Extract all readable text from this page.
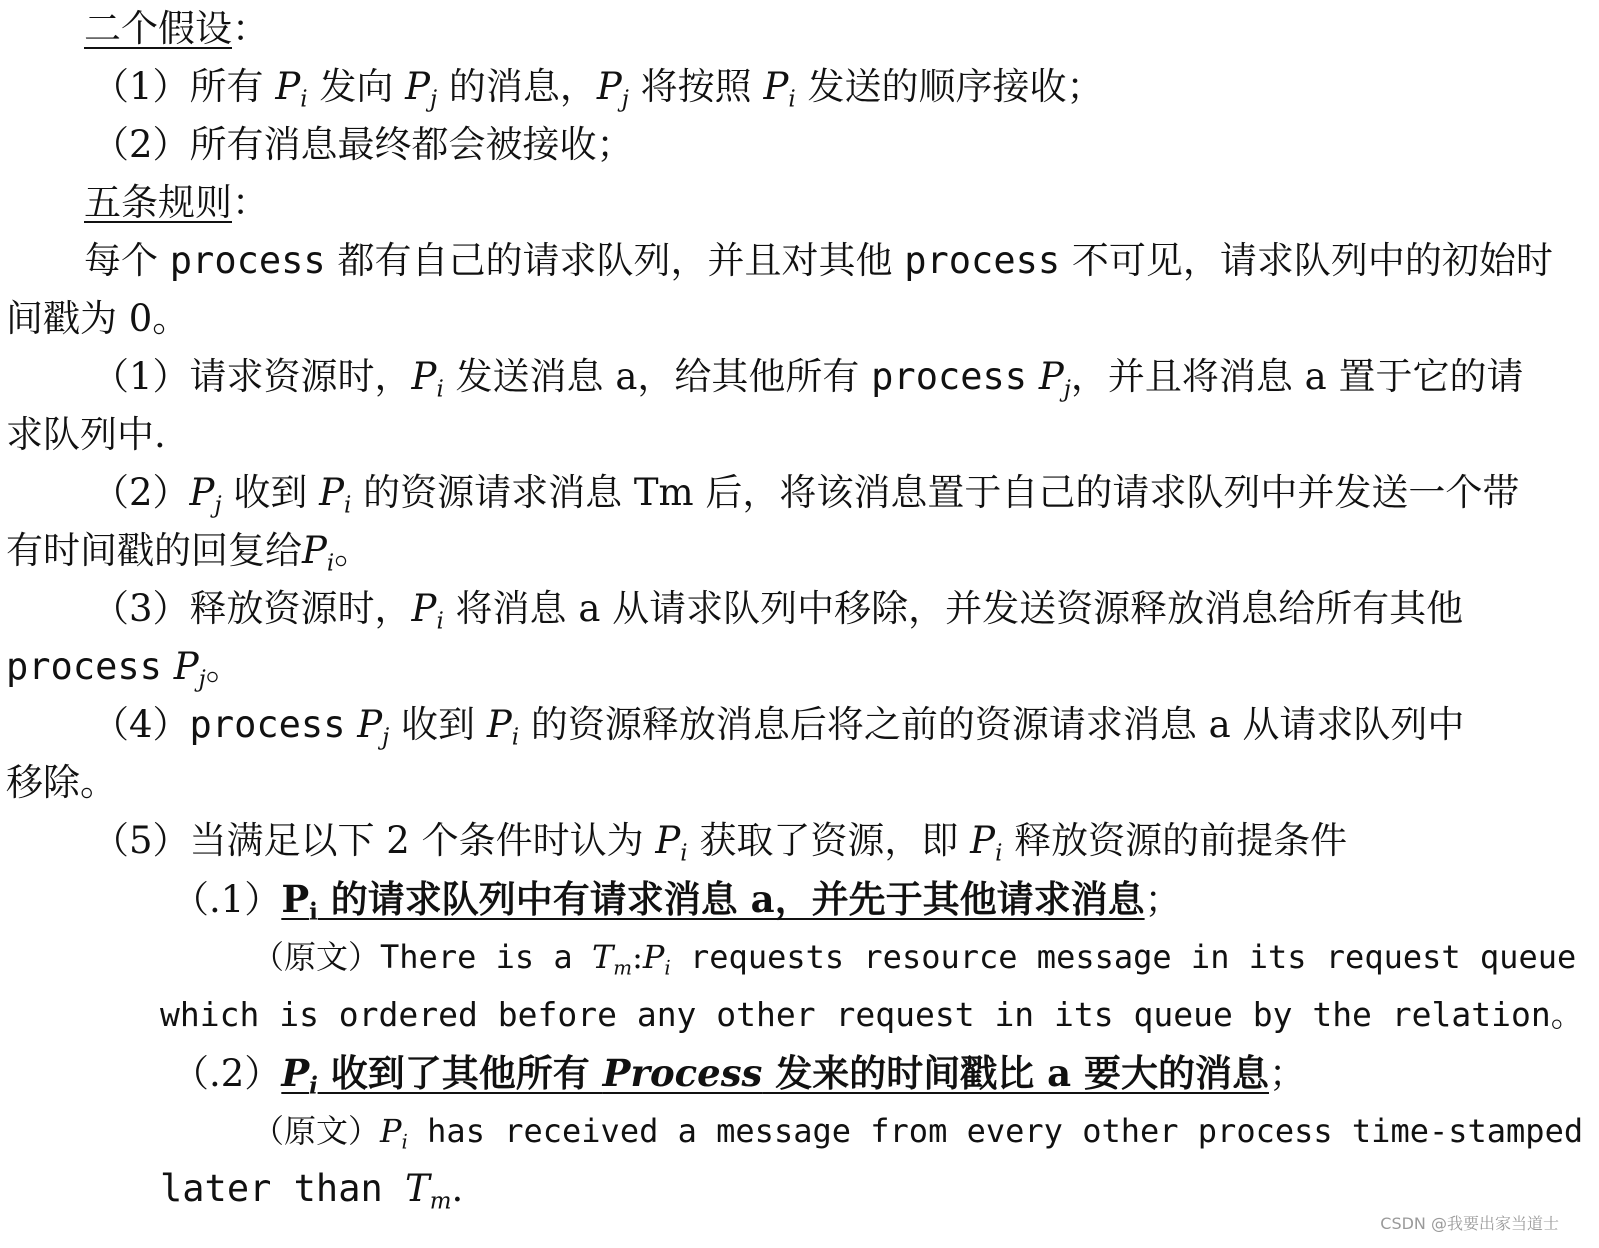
二个假设：
（1）所有 $P_i$ 发向 $P_j$ 的消息，$P_j$ 将按照 $P_i$ 发送的顺序接收；
（2）所有消息最终都会被接收；
五条规则：
每个 process 都有自己的请求队列，并且对其他 process 不可见，请求队列中的初始时
间戳为 0。
（1）请求资源时，$P_i$ 发送消息 a，给其他所有 process $P_j$，并且将消息 a 置于它的请
求队列中.
$(2)P_j$ 收到 $P_i$ 的资源请求消息 Tm 后，将该消息置于自己的请求队列中并发送一个带
有时间戳的回复给$P_i$。
（3）释放资源时，$P_i$ 将消息 a 从请求队列中移除，并发送资源释放消息给所有其他
process $P_j$。
（4）process $P_j$ 收到 $P_i$ 的资源释放消息后将之前的资源请求消息 a 从请求队列中
移除。
（5）当满足以下 2 个条件时认为 $P_i$ 获取了资源，即 $P_i$ 释放资源的前提条件
$(.1)P_i$ 的请求队列中有请求消息 a，并先于其他请求消息；
（原文）There is a $T_m:P_i$ requests resource message in its request queue
which is ordered before any other request in its queue by the relation。
$(.2)P_i$ 收到了其他所有 Process 发来的时间戳比 a 要大的消息；
（原文）$P_i$ has received a message from every other process time-stamped
later than $T_m$.
CSDN @我要出家当道士
